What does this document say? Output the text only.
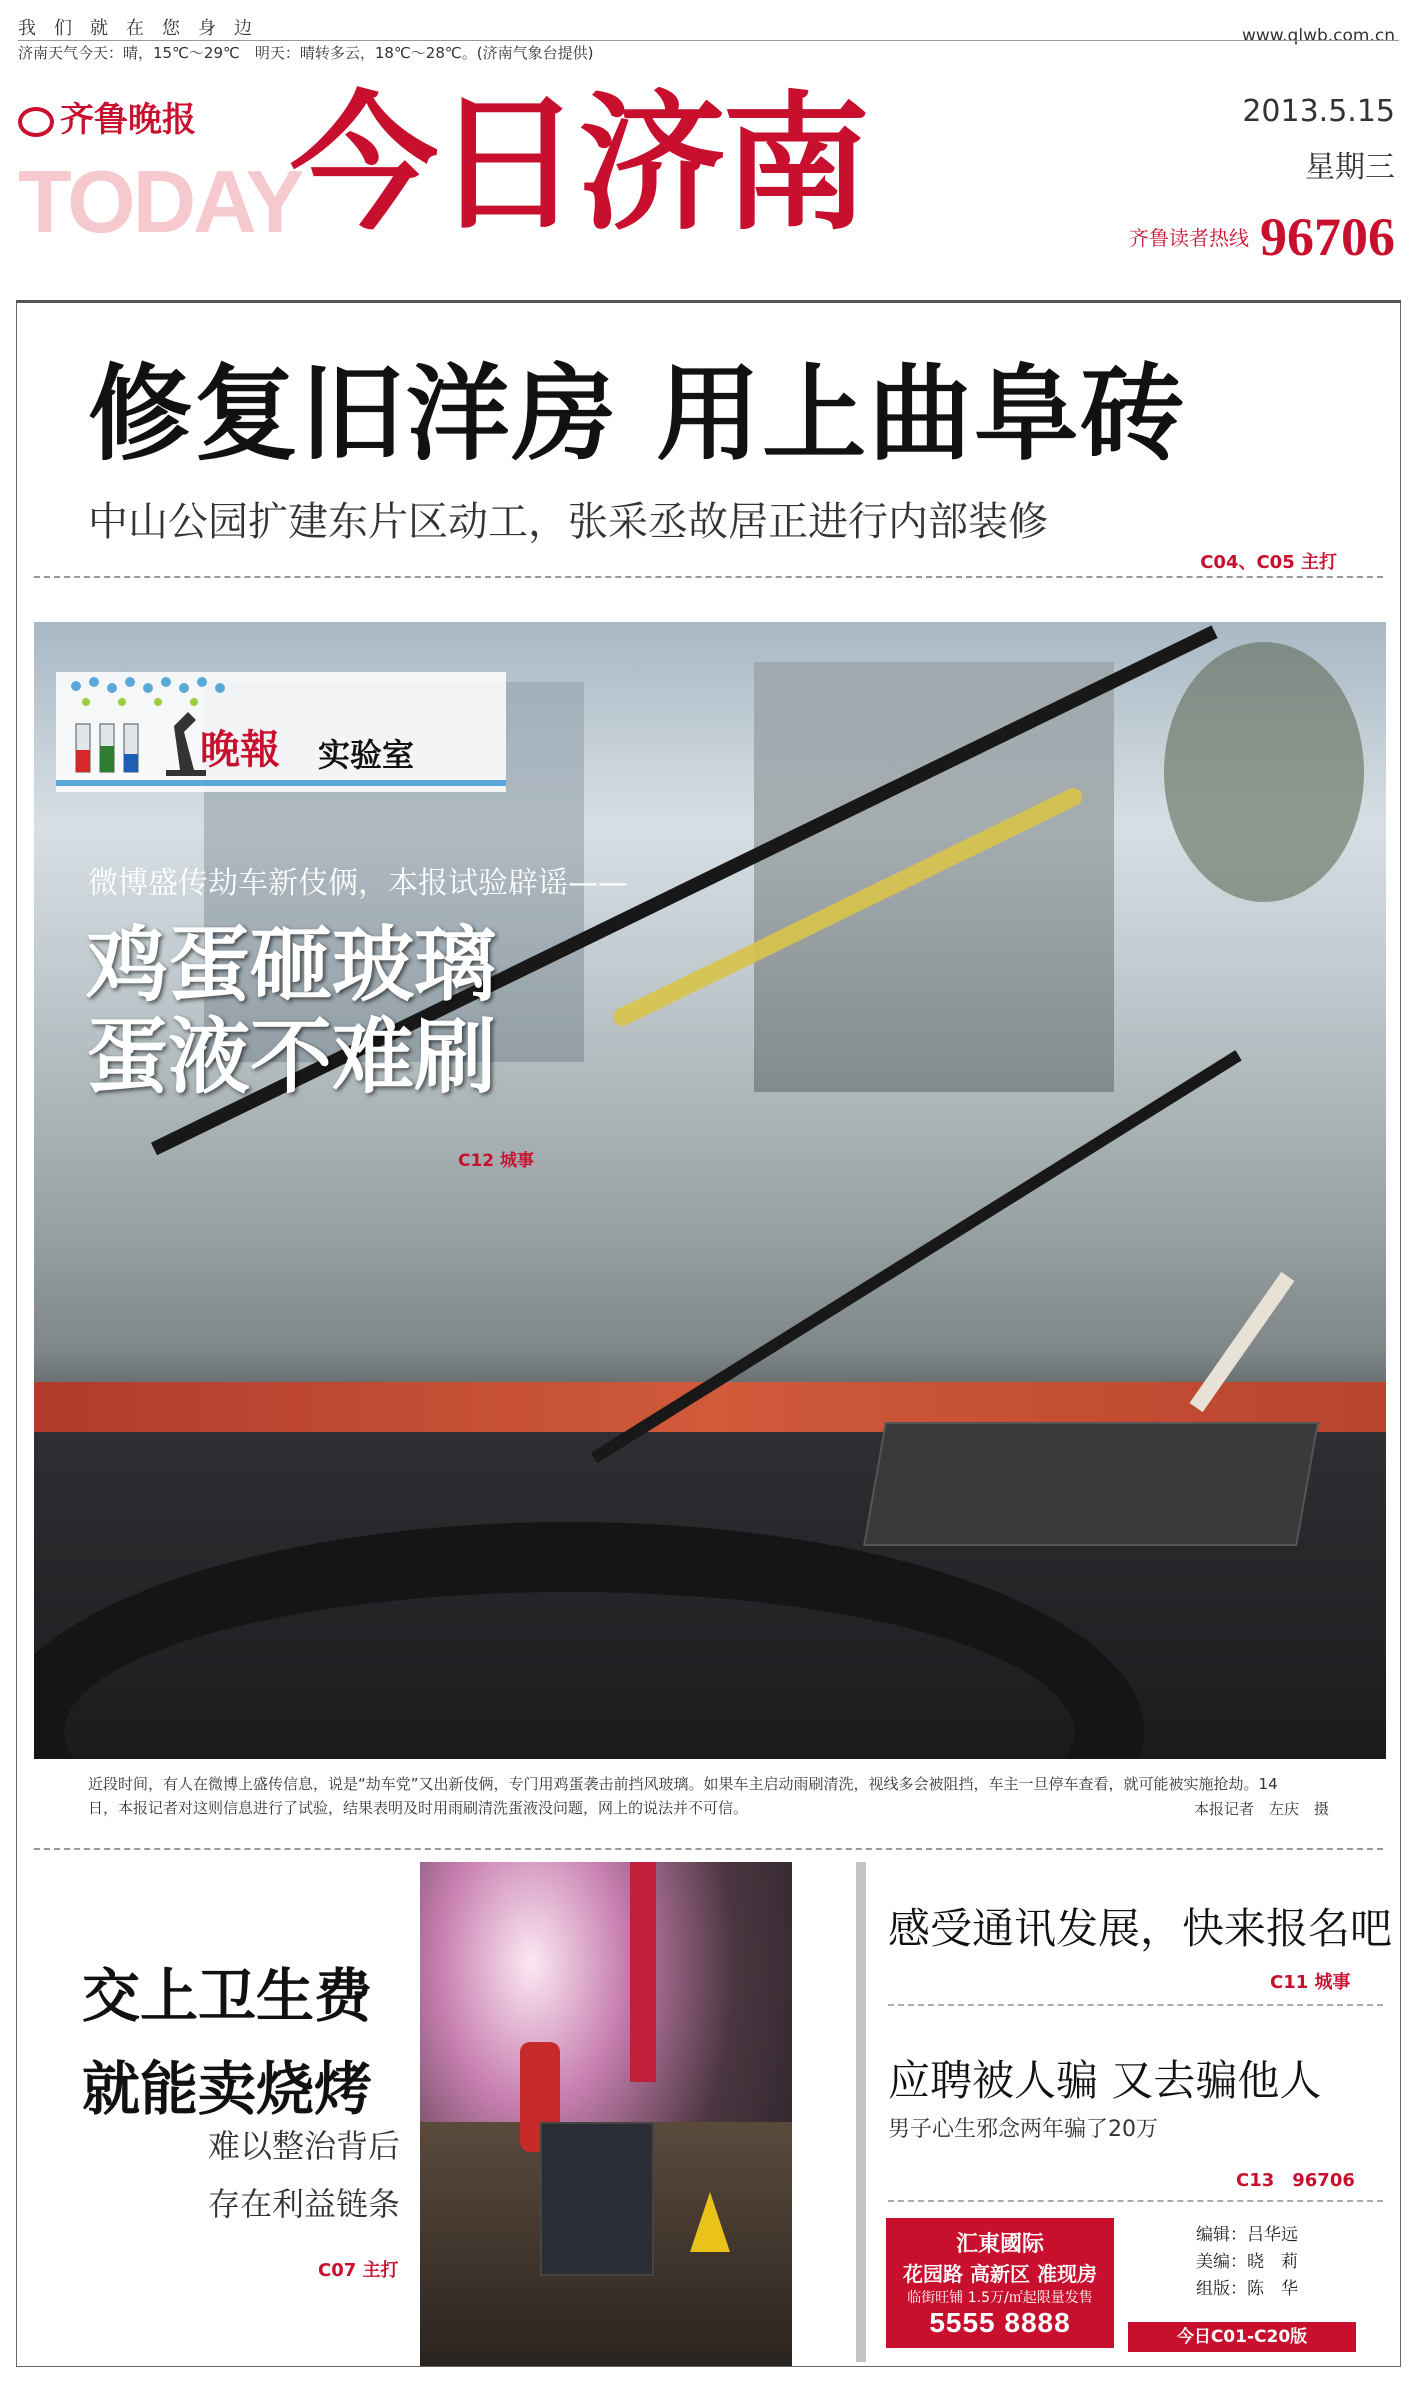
我们就在您身边	www.qlwb.com.cn
济南天气今天：晴，15℃～29℃　明天：晴转多云，18℃～28℃。(济南气象台提供)
齐鲁晚报
TODAY
今日济南	2013.5.15
星期三
齐鲁读者热线 96706
修复旧洋房 用上曲阜砖
中山公园扩建东片区动工，张采丞故居正进行内部装修
C04、C05 主打
晚報 实验室
微博盛传劫车新伎俩，本报试验辟谣——
鸡蛋砸玻璃
蛋液不难刷
C12 城事
近段时间，有人在微博上盛传信息，说是“劫车党”又出新伎俩，专门用鸡蛋袭击前挡风玻璃。如果车主启动雨刷清洗，视线多会被阻挡，车主一旦停车查看，就可能被实施抢劫。14日，本报记者对这则信息进行了试验，结果表明及时用雨刷清洗蛋液没问题，网上的说法并不可信。	本报记者　左庆　摄
交上卫生费
就能卖烧烤
难以整治背后
存在利益链条
C07 主打
感受通讯发展，快来报名吧
C11 城事
应聘被人骗 又去骗他人
男子心生邪念两年骗了20万
C13　96706
汇東國际
花园路 高新区 准现房
临街旺铺 1.5万/㎡起限量发售
5555 8888
编辑：吕华远
美编：晓　莉
组版：陈　华
今日C01-C20版
